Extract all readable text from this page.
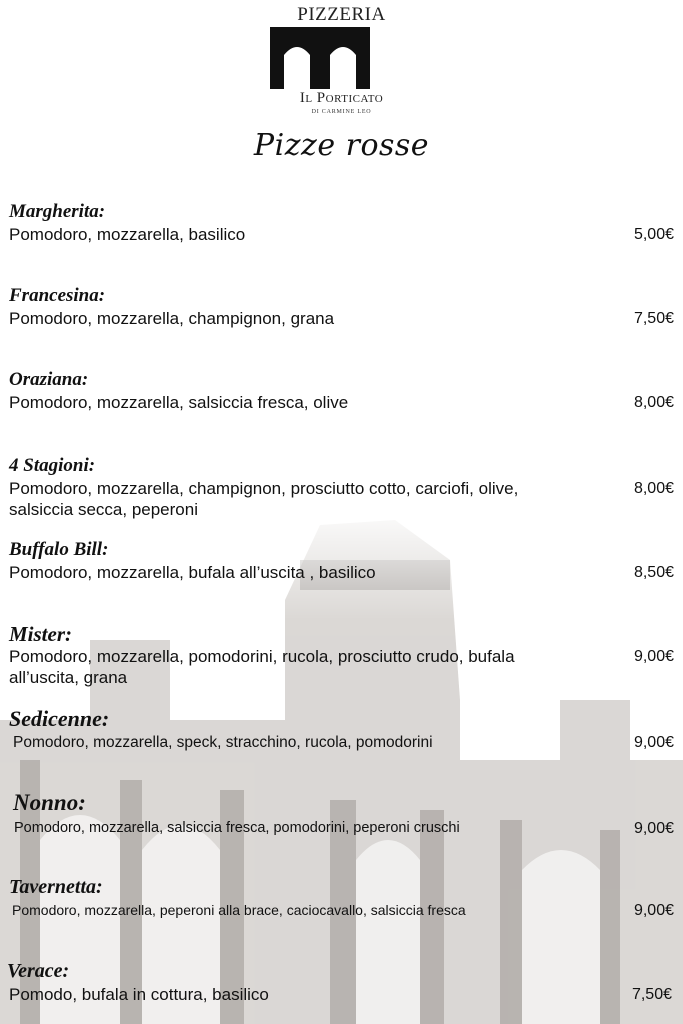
PIZZERIA
Il Porticato
DI CARMINE LEO
Pizze rosse
Margherita:
Pomodoro, mozzarella, basilico	5,00€
Francesina:
Pomodoro, mozzarella, champignon, grana	7,50€
Oraziana:
Pomodoro, mozzarella, salsiccia fresca, olive	8,00€
4 Stagioni:
Pomodoro, mozzarella, champignon, prosciutto cotto, carciofi, olive, salsiccia secca, peperoni
8,00€
Buffalo Bill:
Pomodoro, mozzarella, bufala all’uscita , basilico	8,50€
Mister:
Pomodoro, mozzarella, pomodorini, rucola, prosciutto crudo, bufala all’uscita, grana
9,00€
Sedicenne:
Pomodoro, mozzarella, speck, stracchino, rucola, pomodorini	9,00€
Nonno:
Pomodoro, mozzarella, salsiccia fresca, pomodorini, peperoni cruschi	9,00€
Tavernetta:
Pomodoro, mozzarella, peperoni alla brace, caciocavallo, salsiccia fresca	9,00€
Verace:
Pomodo, bufala in cottura, basilico	7,50€
